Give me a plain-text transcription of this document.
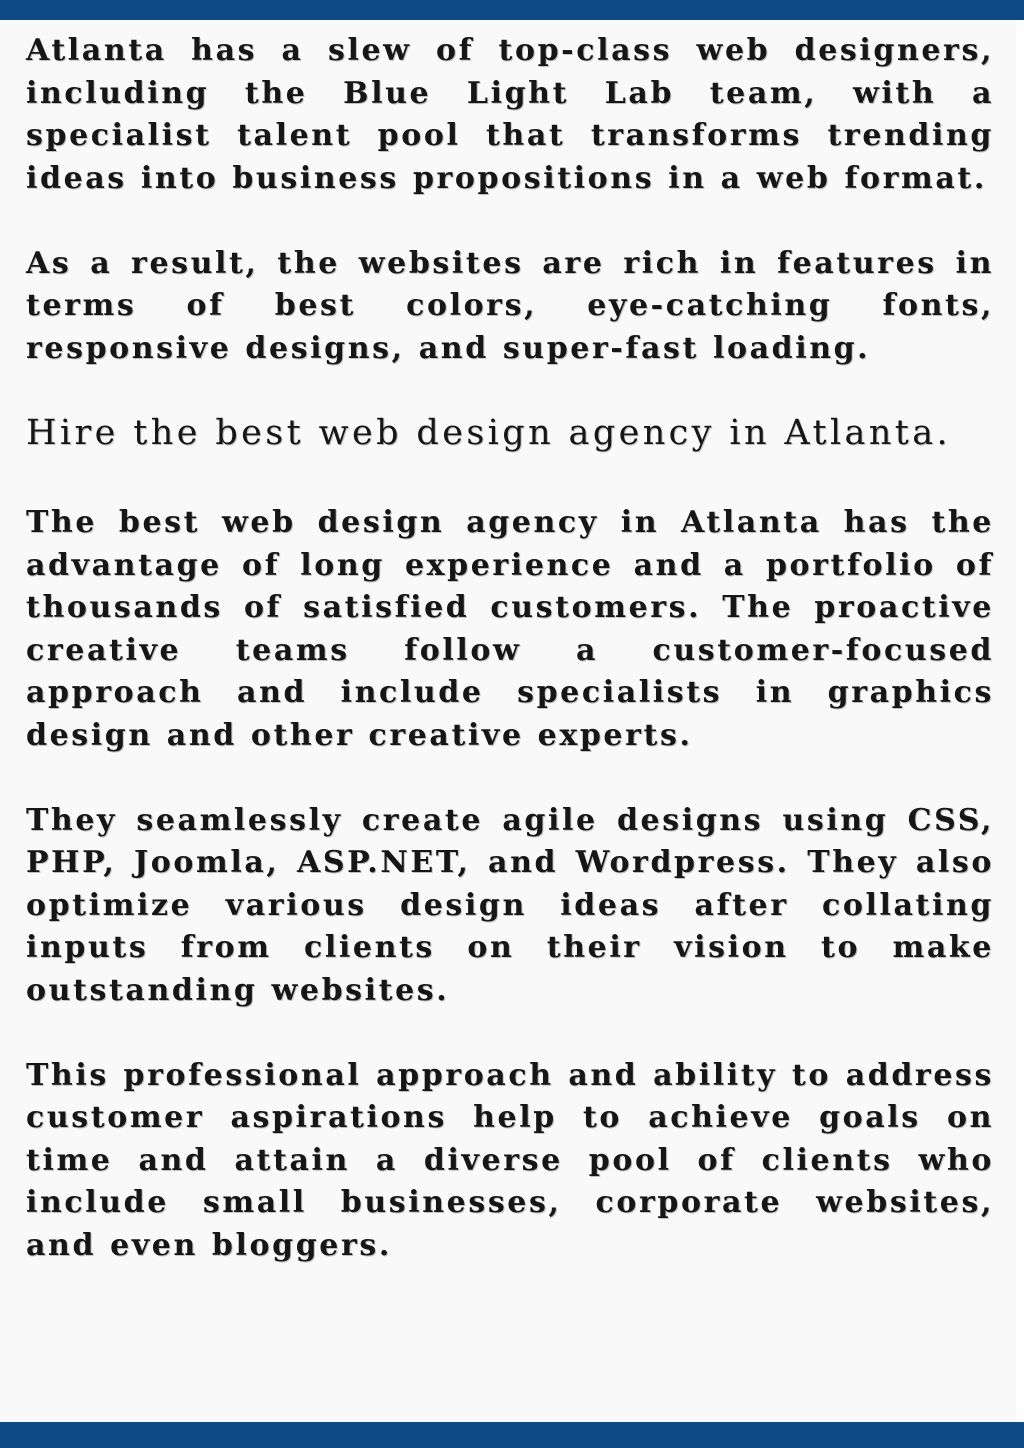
Atlanta has a slew of top-class web designers, including the Blue Light Lab team, with a specialist talent pool that transforms trending ideas into business propositions in a web format.

As a result, the websites are rich in features in terms of best colors, eye-catching fonts, responsive designs, and super-fast loading.

Hire the best web design agency in Atlanta.

The best web design agency in Atlanta has the advantage of long experience and a portfolio of thousands of satisfied customers. The proactive creative teams follow a customer-focused approach and include specialists in graphics design and other creative experts.

They seamlessly create agile designs using CSS, PHP, Joomla, ASP.NET, and Wordpress. They also optimize various design ideas after collating inputs from clients on their vision to make outstanding websites.

This professional approach and ability to address customer aspirations help to achieve goals on time and attain a diverse pool of clients who include small businesses, corporate websites, and even bloggers.
